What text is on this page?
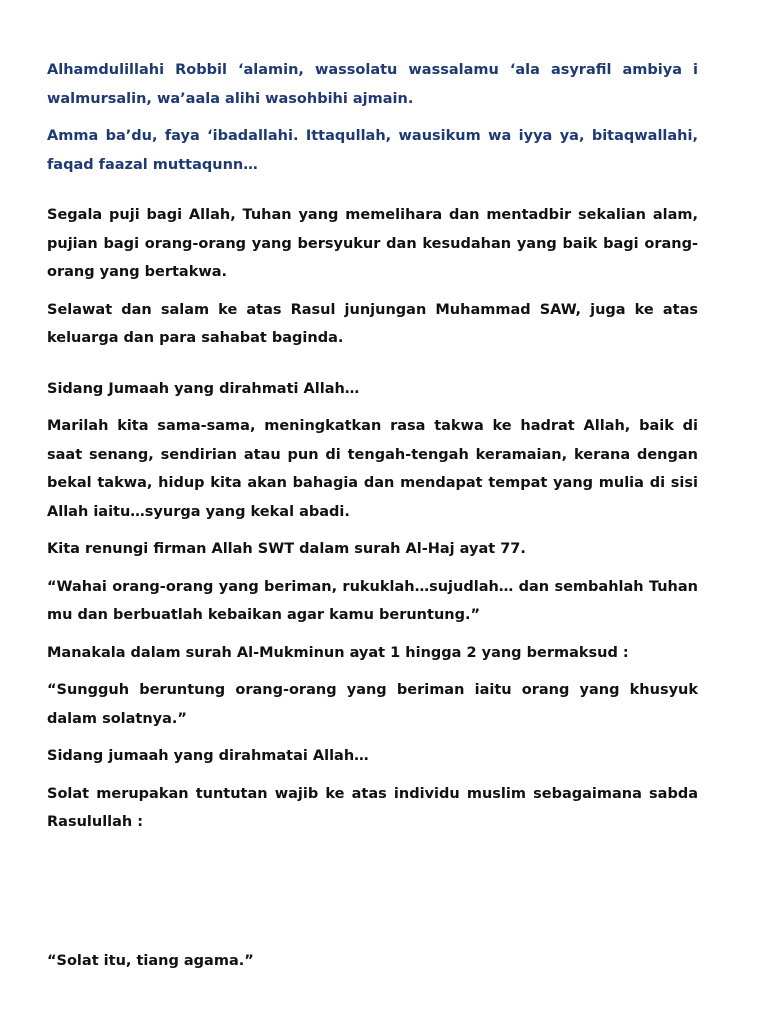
Alhamdulillahi Robbil ‘alamin, wassolatu wassalamu ‘ala asyrafil ambiya i walmursalin, wa’aala alihi wasohbihi ajmain.

Amma ba’du, faya ‘ibadallahi. Ittaqullah, wausikum wa iyya ya, bitaqwallahi, faqad faazal muttaqunn…

Segala puji bagi Allah, Tuhan yang memelihara dan mentadbir sekalian alam, pujian bagi orang-orang yang bersyukur dan kesudahan yang baik bagi orang-orang yang bertakwa.

Selawat dan salam ke atas Rasul junjungan Muhammad SAW, juga ke atas keluarga dan para sahabat baginda.

Sidang Jumaah yang dirahmati Allah…

Marilah kita sama-sama, meningkatkan rasa takwa ke hadrat Allah, baik di saat senang, sendirian atau pun di tengah-tengah keramaian, kerana dengan bekal takwa, hidup kita akan bahagia dan mendapat tempat yang mulia di sisi Allah iaitu…syurga yang kekal abadi.

Kita renungi firman Allah SWT dalam surah Al-Haj ayat 77.

“Wahai orang-orang yang beriman, rukuklah…sujudlah… dan sembahlah Tuhan mu dan berbuatlah kebaikan agar kamu beruntung.”

Manakala dalam surah Al-Mukminun ayat 1 hingga 2 yang bermaksud :

“Sungguh beruntung orang-orang yang beriman iaitu orang yang khusyuk dalam solatnya.”

Sidang jumaah yang dirahmatai Allah…

Solat merupakan tuntutan wajib ke atas individu muslim sebagaimana sabda Rasulullah :

“Solat itu, tiang agama.”
